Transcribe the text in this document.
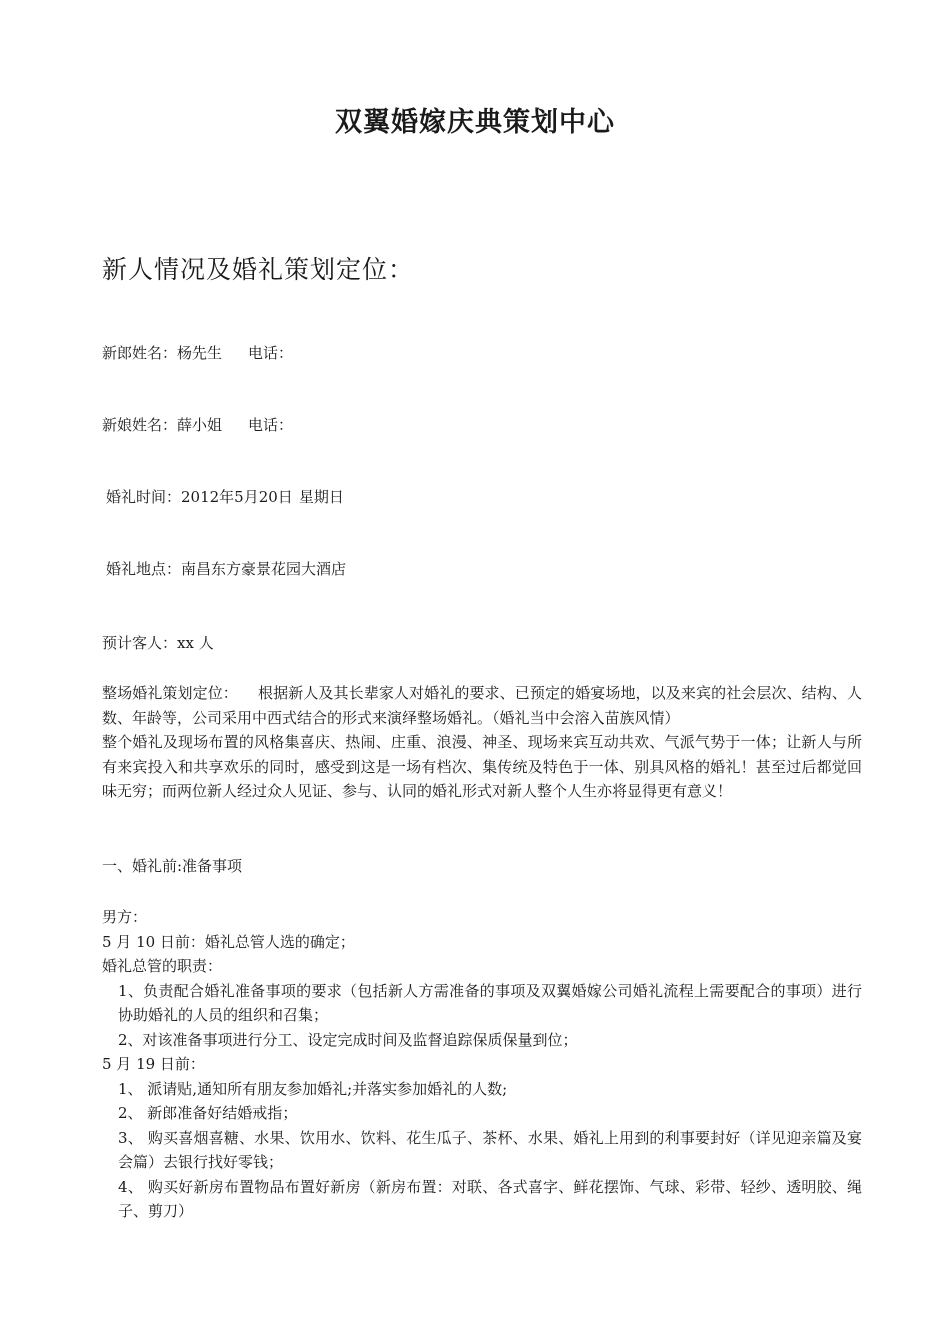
双翼婚嫁庆典策划中心
新人情况及婚礼策划定位：
新郎姓名：杨先生 电话：
新娘姓名：薛小姐 电话：
婚礼时间：2012年5月20日 星期日
婚礼地点：南昌东方豪景花园大酒店
预计客人：xx 人

整场婚礼策划定位： 根据新人及其长辈家人对婚礼的要求、已预定的婚宴场地，以及来宾的社会层次、结构、人数、年龄等，公司采用中西式结合的形式来演绎整场婚礼。（婚礼当中会溶入苗族风情）

整个婚礼及现场布置的风格集喜庆、热闹、庄重、浪漫、神圣、现场来宾互动共欢、气派气势于一体；让新人与所有来宾投入和共享欢乐的同时，感受到这是一场有档次、集传统及特色于一体、别具风格的婚礼！甚至过后都觉回味无穷；而两位新人经过众人见证、参与、认同的婚礼形式对新人整个人生亦将显得更有意义！

一、婚礼前:准备事项
男方：
5 月 10 日前：婚礼总管人选的确定；
婚礼总管的职责：
1、负责配合婚礼准备事项的要求（包括新人方需准备的事项及双翼婚嫁公司婚礼流程上需要配合的事项）进行协助婚礼的人员的组织和召集；
2、对该准备事项进行分工、设定完成时间及监督追踪保质保量到位；
5 月 19 日前：
1、 派请贴,通知所有朋友参加婚礼;并落实参加婚礼的人数;
2、 新郎准备好结婚戒指；
3、 购买喜烟喜糖、水果、饮用水、饮料、花生瓜子、茶杯、水果、婚礼上用到的利事要封好（详见迎亲篇及宴会篇）去银行找好零钱；
4、 购买好新房布置物品布置好新房（新房布置：对联、各式喜字、鲜花摆饰、气球、彩带、轻纱、透明胶、绳子、剪刀）
